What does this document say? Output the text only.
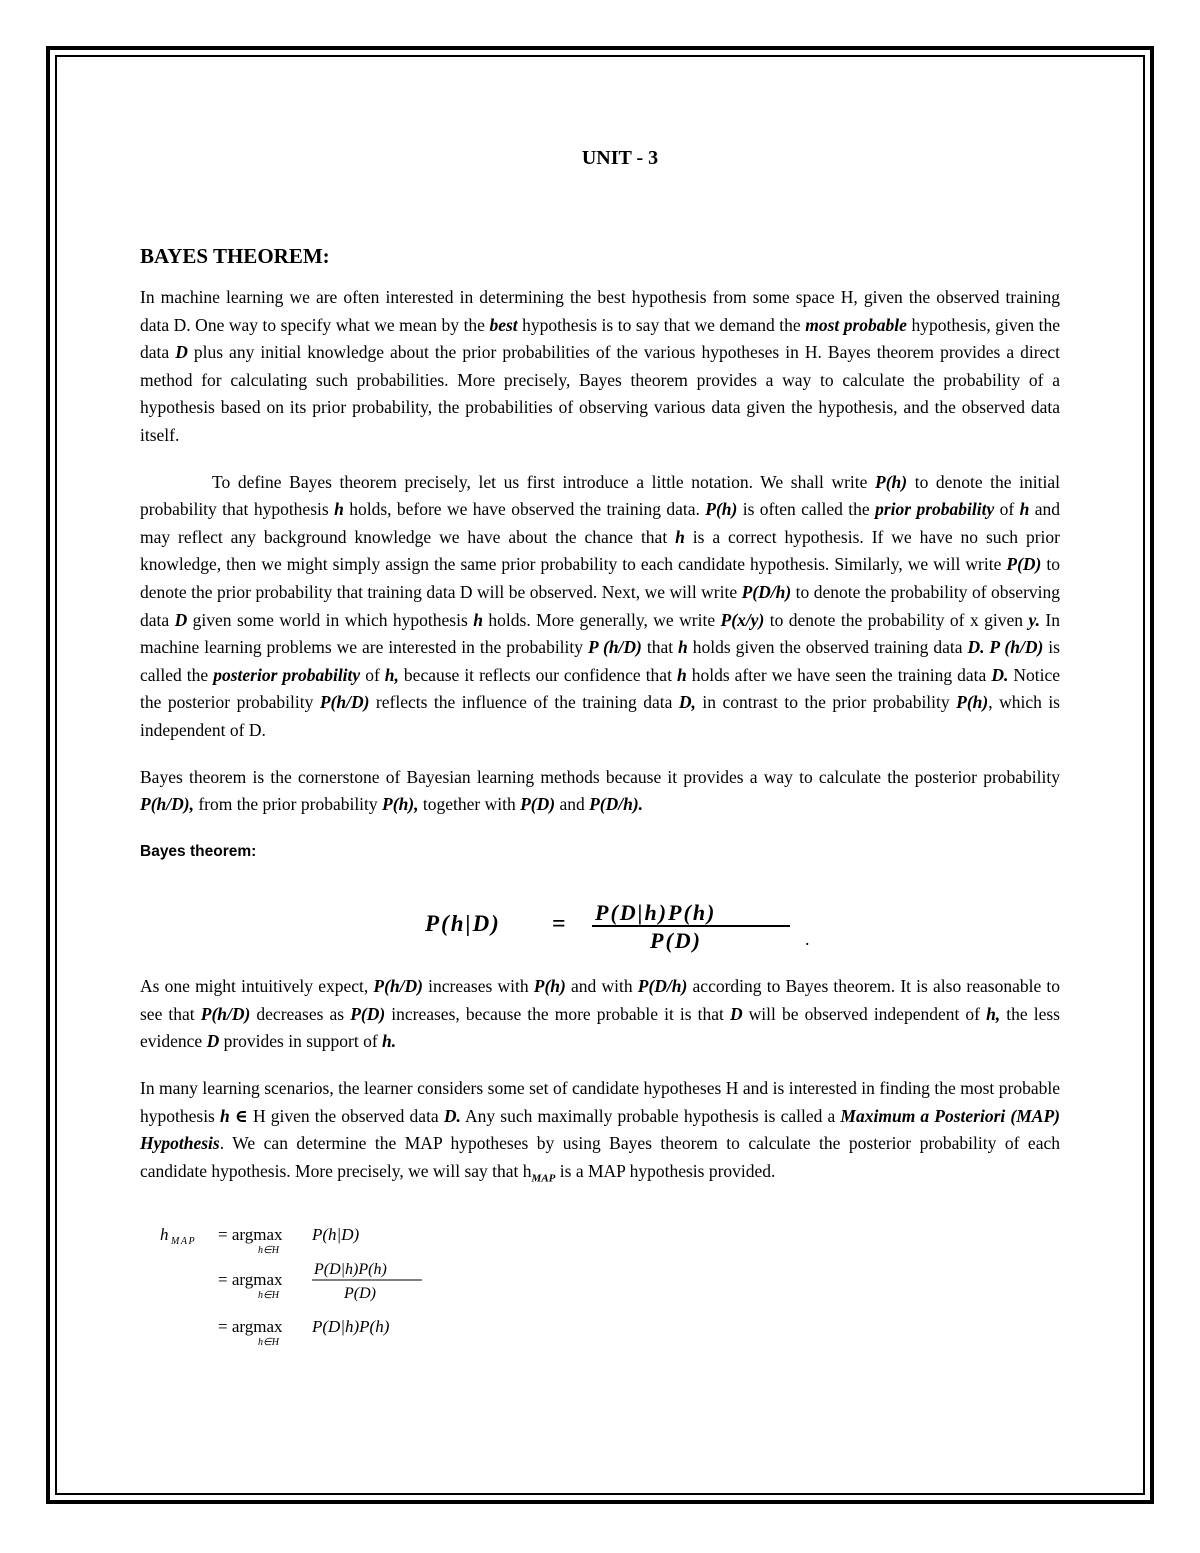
UNIT - 3
BAYES THEOREM:

In machine learning we are often interested in determining the best hypothesis from some space H, given the observed training data D. One way to specify what we mean by the best hypothesis is to say that we demand the most probable hypothesis, given the data D plus any initial knowledge about the prior probabilities of the various hypotheses in H. Bayes theorem provides a direct method for calculating such probabilities. More precisely, Bayes theorem provides a way to calculate the probability of a hypothesis based on its prior probability, the probabilities of observing various data given the hypothesis, and the observed data itself.

To define Bayes theorem precisely, let us first introduce a little notation. We shall write P(h) to denote the initial probability that hypothesis h holds, before we have observed the training data. P(h) is often called the prior probability of h and may reflect any background knowledge we have about the chance that h is a correct hypothesis. If we have no such prior knowledge, then we might simply assign the same prior probability to each candidate hypothesis. Similarly, we will write P(D) to denote the prior probability that training data D will be observed. Next, we will write P(D/h) to denote the probability of observing data D given some world in which hypothesis h holds. More generally, we write P(x/y) to denote the probability of x given y. In machine learning problems we are interested in the probability P (h/D) that h holds given the observed training data D. P (h/D) is called the posterior probability of h, because it reflects our confidence that h holds after we have seen the training data D. Notice the posterior probability P(h/D) reflects the influence of the training data D, in contrast to the prior probability P(h), which is independent of D.

Bayes theorem is the cornerstone of Bayesian learning methods because it provides a way to calculate the posterior probability P(h/D), from the prior probability P(h), together with P(D) and P(D/h).

Bayes theorem:
P(h|D) = P(D|h)P(h)
P(D)	.

As one might intuitively expect, P(h/D) increases with P(h) and with P(D/h) according to Bayes theorem. It is also reasonable to see that P(h/D) decreases as P(D) increases, because the more probable it is that D will be observed independent of h, the less evidence D provides in support of h.

In many learning scenarios, the learner considers some set of candidate hypotheses H and is interested in finding the most probable hypothesis h ∈ H given the observed data D. Any such maximally probable hypothesis is called a Maximum a Posteriori (MAP) Hypothesis. We can determine the MAP hypotheses by using Bayes theorem to calculate the posterior probability of each candidate hypothesis. More precisely, we will say that $h_{MAP}$ is a MAP hypothesis provided.

h MAP = argmax
h∈H
P(h|D)
= argmax
h∈H
P(D|h)P(h)
P(D)
= argmax
h∈H
P(D|h)P(h)
